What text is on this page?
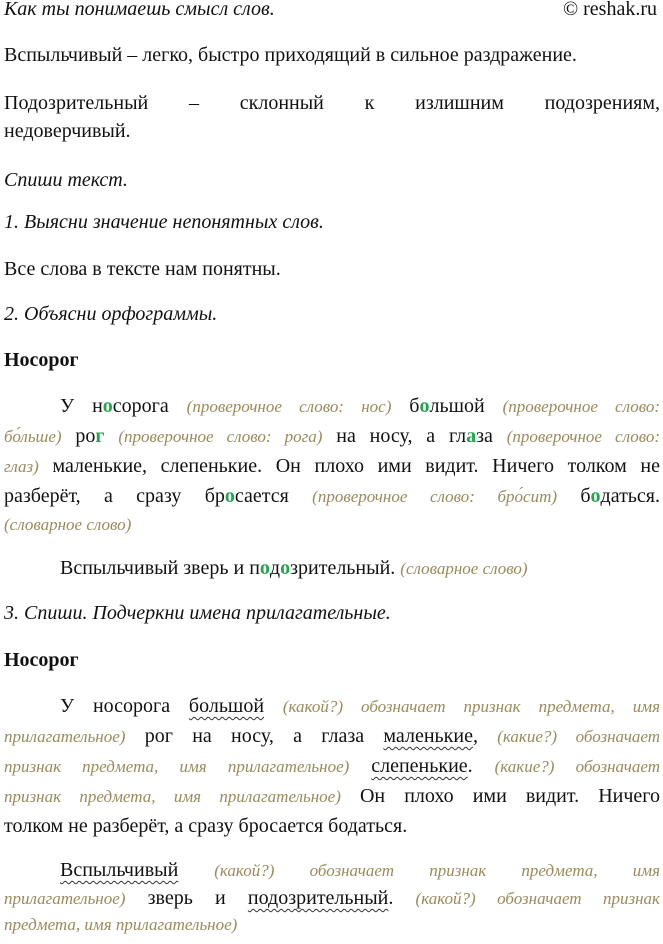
Как ты понимаешь смысл слов.	© reshak.ru

Вспыльчивый – легко, быстро приходящий в сильное раздражение.

Подозрительный – склонный к излишним подозрениям,

недоверчивый.

Спиши текст.

1. Выясни значение непонятных слов.

Все слова в тексте нам понятны.

2. Объясни орфограммы.

Носорог

У носорога (проверочное слово: нос) большой (проверочное слово:

бо́льше) рог (проверочное слово: рога) на носу, а глаза (проверочное слово:

глаз) маленькие, слепенькие. Он плохо ими видит. Ничего толком не

разберёт, а сразу бросается (проверочное слово: бро́сит) бодаться.

(словарное слово)

Вспыльчивый зверь и подозрительный. (словарное слово)

3. Спиши. Подчеркни имена прилагательные.

Носорог

У носорога большой (какой?) обозначает признак предмета, имя

прилагательное) рог на носу, а глаза маленькие, (какие?) обозначает

признак предмета, имя прилагательное) слепенькие. (какие?) обозначает

признак предмета, имя прилагательное) Он плохо ими видит. Ничего

толком не разберёт, а сразу бросается бодаться.

Вспыльчивый (какой?) обозначает признак предмета, имя

прилагательное) зверь и подозрительный. (какой?) обозначает признак

предмета, имя прилагательное)
